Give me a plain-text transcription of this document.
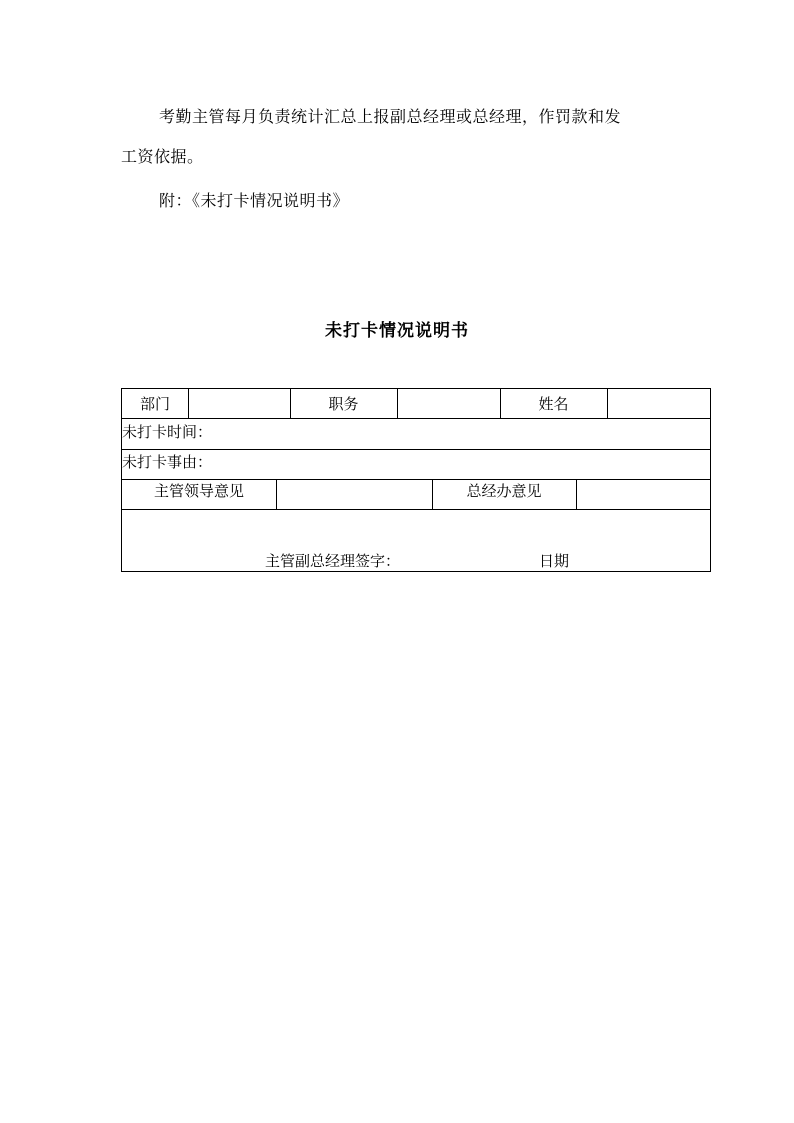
考勤主管每月负责统计汇总上报副总经理或总经理，作罚款和发
工资依据。
附：《未打卡情况说明书》
未打卡情况说明书
部门	职务	姓名
未打卡时间：
未打卡事由：
主管领导意见	总经办意见
主管副总经理签字：	日期
